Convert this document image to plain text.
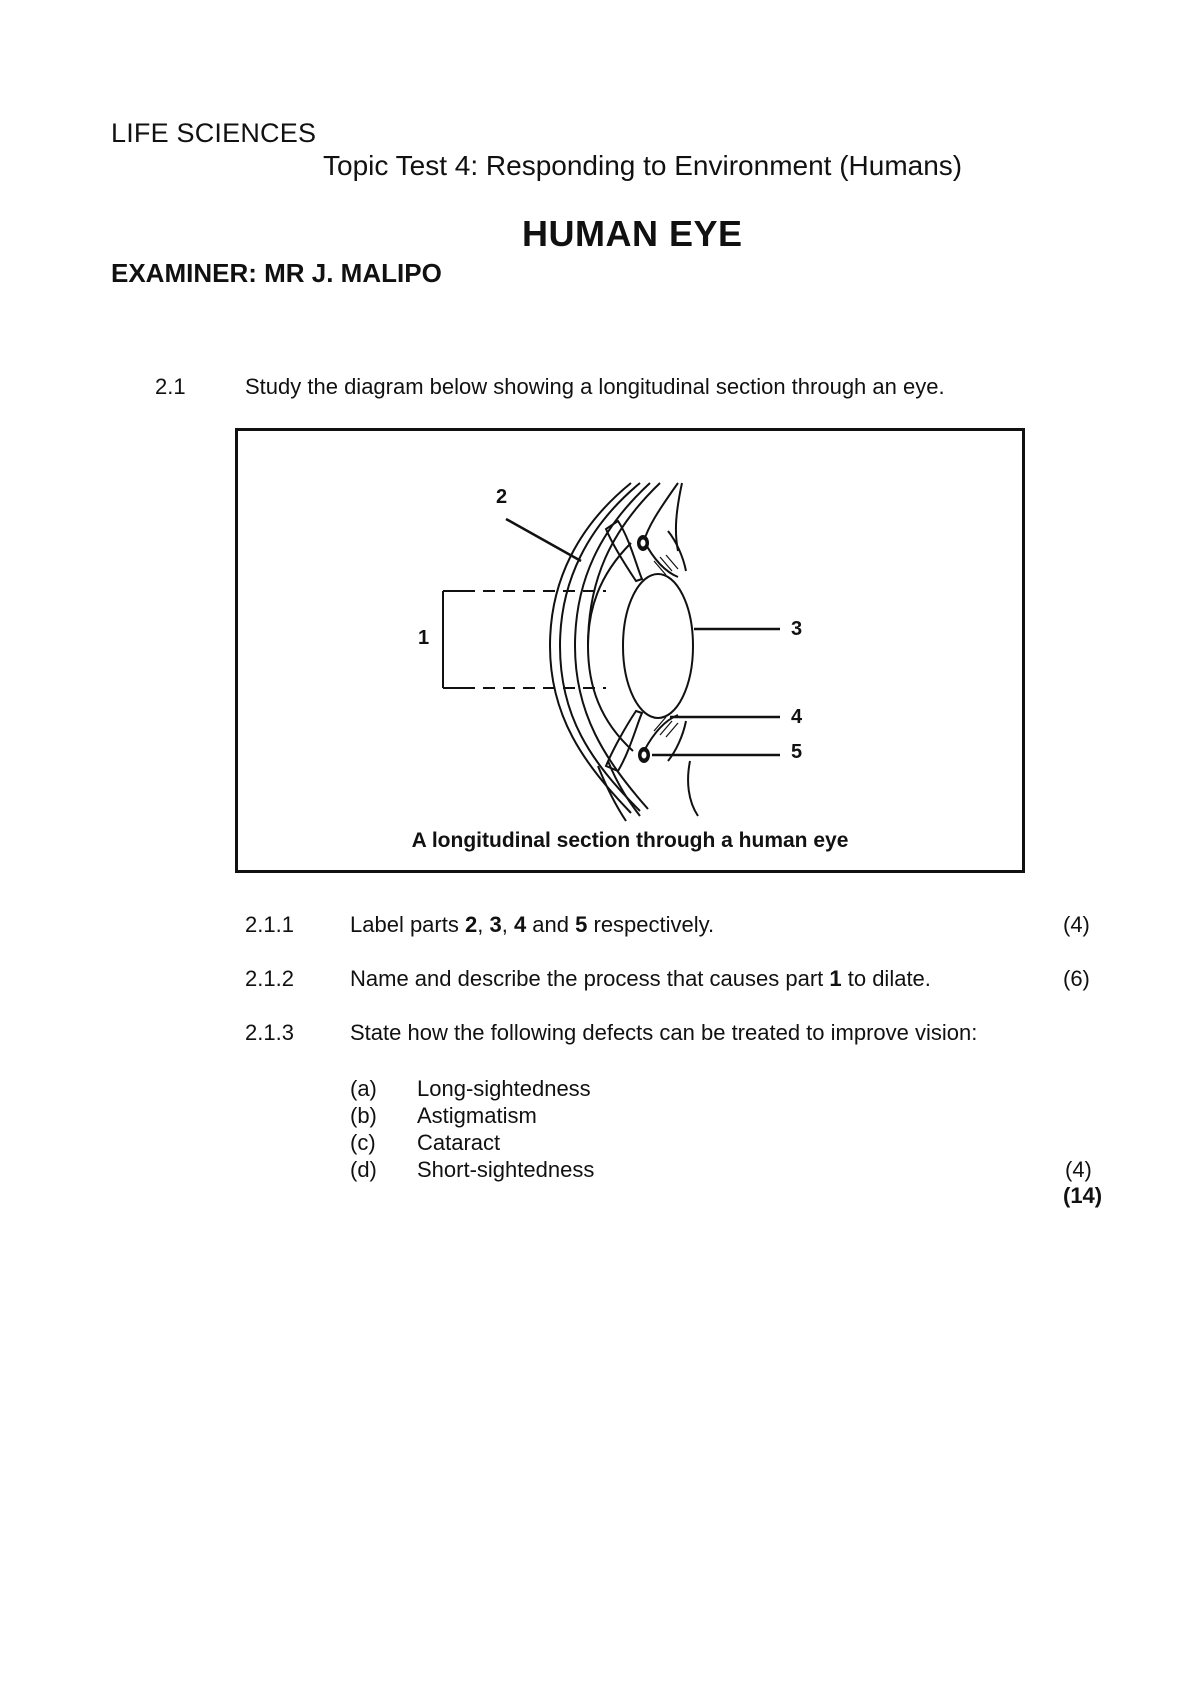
LIFE SCIENCES
Topic Test 4: Responding to Environment (Humans)
HUMAN EYE
EXAMINER: MR J. MALIPO
2.1	Study the diagram below showing a longitudinal section through an eye.
2
1	3
4
5
A longitudinal section through a human eye
2.1.1	Label parts 2, 3, 4 and 5 respectively.	(4)
2.1.2	Name and describe the process that causes part 1 to dilate.	(6)
2.1.3	State how the following defects can be treated to improve vision:
(a) Long-sightedness
(b) Astigmatism
(c) Cataract
(d) Short-sightedness	(4)
(14)
